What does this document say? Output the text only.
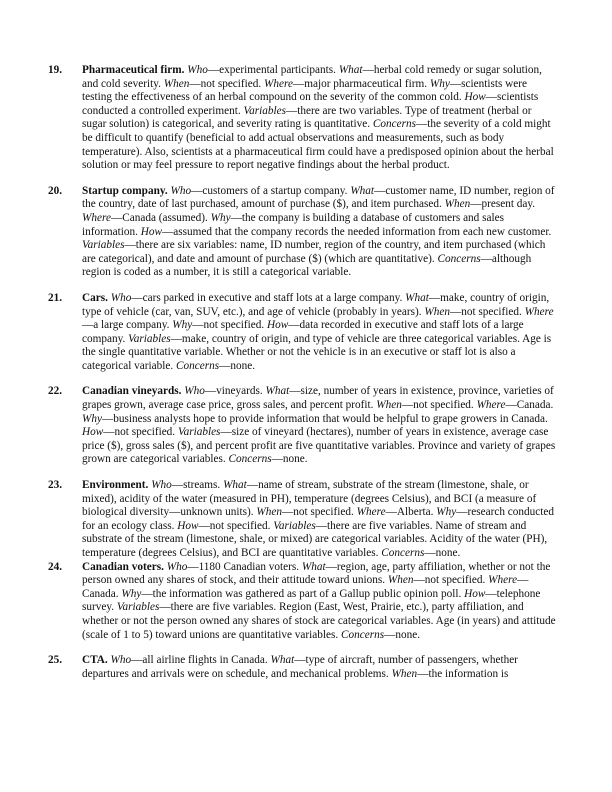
19. Pharmaceutical firm. Who—experimental participants. What—herbal cold remedy or sugar solution, and cold severity. When—not specified. Where—major pharmaceutical firm. Why—scientists were testing the effectiveness of an herbal compound on the severity of the common cold. How—scientists conducted a controlled experiment. Variables—there are two variables. Type of treatment (herbal or sugar solution) is categorical, and severity rating is quantitative. Concerns—the severity of a cold might be difficult to quantify (beneficial to add actual observations and measurements, such as body temperature). Also, scientists at a pharmaceutical firm could have a predisposed opinion about the herbal solution or may feel pressure to report negative findings about the herbal product.

20. Startup company. Who—customers of a startup company. What—customer name, ID number, region of the country, date of last purchased, amount of purchase ($), and item purchased. When—present day. Where—Canada (assumed). Why—the company is building a database of customers and sales information. How—assumed that the company records the needed information from each new customer. Variables—there are six variables: name, ID number, region of the country, and item purchased (which are categorical), and date and amount of purchase ($) (which are quantitative). Concerns—although region is coded as a number, it is still a categorical variable.

21. Cars. Who—cars parked in executive and staff lots at a large company. What—make, country of origin, type of vehicle (car, van, SUV, etc.), and age of vehicle (probably in years). When—not specified. Where—a large company. Why—not specified. How—data recorded in executive and staff lots of a large company. Variables—make, country of origin, and type of vehicle are three categorical variables. Age is the single quantitative variable. Whether or not the vehicle is in an executive or staff lot is also a categorical variable. Concerns—none.

22. Canadian vineyards. Who—vineyards. What—size, number of years in existence, province, varieties of grapes grown, average case price, gross sales, and percent profit. When—not specified. Where—Canada. Why—business analysts hope to provide information that would be helpful to grape growers in Canada. How—not specified. Variables—size of vineyard (hectares), number of years in existence, average case price ($), gross sales ($), and percent profit are five quantitative variables. Province and variety of grapes grown are categorical variables. Concerns—none.

23. Environment. Who—streams. What—name of stream, substrate of the stream (limestone, shale, or mixed), acidity of the water (measured in PH), temperature (degrees Celsius), and BCI (a measure of biological diversity—unknown units). When—not specified. Where—Alberta. Why—research conducted for an ecology class. How—not specified. Variables—there are five variables. Name of stream and substrate of the stream (limestone, shale, or mixed) are categorical variables. Acidity of the water (PH), temperature (degrees Celsius), and BCI are quantitative variables. Concerns—none.

24. Canadian voters. Who—1180 Canadian voters. What—region, age, party affiliation, whether or not the person owned any shares of stock, and their attitude toward unions. When—not specified. Where—Canada. Why—the information was gathered as part of a Gallup public opinion poll. How—telephone survey. Variables—there are five variables. Region (East, West, Prairie, etc.), party affiliation, and whether or not the person owned any shares of stock are categorical variables. Age (in years) and attitude (scale of 1 to 5) toward unions are quantitative variables. Concerns—none.

25. CTA. Who—all airline flights in Canada. What—type of aircraft, number of passengers, whether departures and arrivals were on schedule, and mechanical problems. When—the information is
